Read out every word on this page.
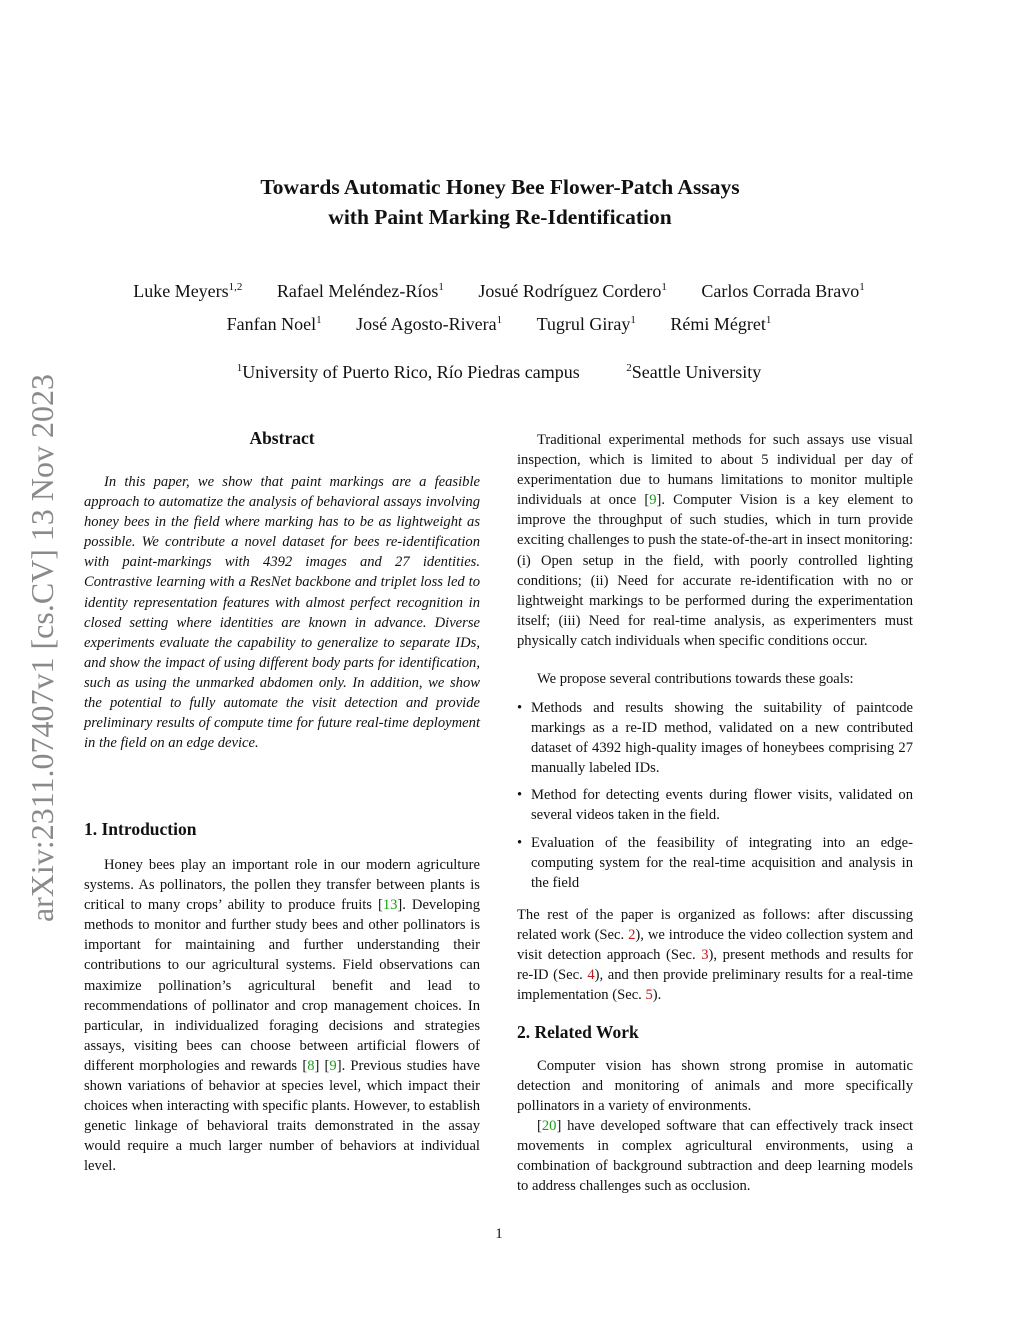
arXiv:2311.07407v1 [cs.CV] 13 Nov 2023
Towards Automatic Honey Bee Flower-Patch Assays
with Paint Marking Re-Identification
Luke Meyers$^{1,2}$ Rafael Meléndez-Ríos$^1$ Josué Rodríguez Cordero$^1$ Carlos Corrada Bravo$^1$
Fanfan Noel$^1$ José Agosto-Rivera$^1$ Tugrul Giray$^1$ Rémi Mégret$^1$
$^1$University of Puerto Rico, Río Piedras campus	$^2$Seattle University
Abstract

In this paper, we show that paint markings are a feasible approach to automatize the analysis of behavioral assays involving honey bees in the field where marking has to be as lightweight as possible. We contribute a novel dataset for bees re-identification with paint-markings with 4392 images and 27 identities. Contrastive learning with a ResNet backbone and triplet loss led to identity representation features with almost perfect recognition in closed setting where identities are known in advance. Diverse experiments evaluate the capability to generalize to separate IDs, and show the impact of using different body parts for identification, such as using the unmarked abdomen only. In addition, we show the potential to fully automate the visit detection and provide preliminary results of compute time for future real-time deployment in the field on an edge device.

1. Introduction

Honey bees play an important role in our modern agriculture systems. As pollinators, the pollen they transfer between plants is critical to many crops’ ability to produce fruits [13]. Developing methods to monitor and further study bees and other pollinators is important for maintaining and further understanding their contributions to our agricultural systems. Field observations can maximize pollination’s agricultural benefit and lead to recommendations of pollinator and crop management choices. In particular, in individualized foraging decisions and strategies assays, visiting bees can choose between artificial flowers of different morphologies and rewards [8] [9]. Previous studies have shown variations of behavior at species level, which impact their choices when interacting with specific plants. However, to establish genetic linkage of behavioral traits demonstrated in the assay would require a much larger number of behaviors at individual level.

Traditional experimental methods for such assays use visual inspection, which is limited to about 5 individual per day of experimentation due to humans limitations to monitor multiple individuals at once [9]. Computer Vision is a key element to improve the throughput of such studies, which in turn provide exciting challenges to push the state-of-the-art in insect monitoring: (i) Open setup in the field, with poorly controlled lighting conditions; (ii) Need for accurate re-identification with no or lightweight markings to be performed during the experimentation itself; (iii) Need for real-time analysis, as experimenters must physically catch individuals when specific conditions occur.

We propose several contributions towards these goals:

• Methods and results showing the suitability of paintcode markings as a re-ID method, validated on a new contributed dataset of 4392 high-quality images of honeybees comprising 27 manually labeled IDs.
• Method for detecting events during flower visits, validated on several videos taken in the field.
• Evaluation of the feasibility of integrating into an edge-computing system for the real-time acquisition and analysis in the field

The rest of the paper is organized as follows: after discussing related work (Sec. 2), we introduce the video collection system and visit detection approach (Sec. 3), present methods and results for re-ID (Sec. 4), and then provide preliminary results for a real-time implementation (Sec. 5).

2. Related Work

Computer vision has shown strong promise in automatic detection and monitoring of animals and more specifically pollinators in a variety of environments.

[20] have developed software that can effectively track insect movements in complex agricultural environments, using a combination of background subtraction and deep learning models to address challenges such as occlusion.

1
